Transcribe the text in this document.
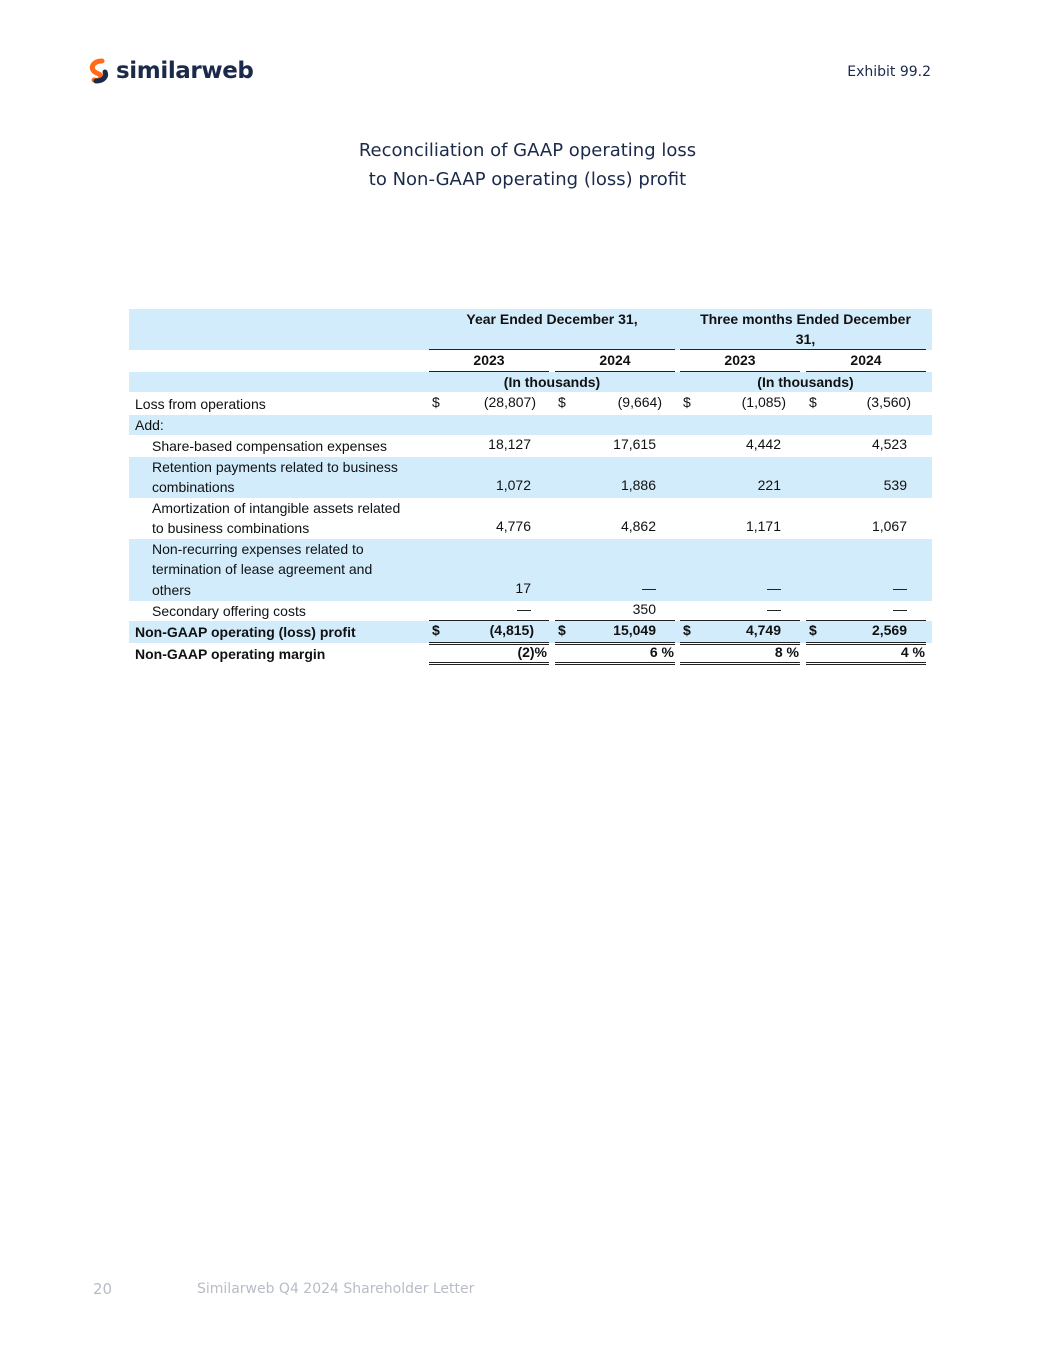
similarweb	Exhibit 99.2
Reconciliation of GAAP operating loss
to Non-GAAP operating (loss) profit
Year Ended December 31,	Three months Ended December
31,
2023	2024	2023	2024
(In thousands)	(In thousands)
Loss from operations	$	(28,807) $	(9,664) $	(1,085) $	(3,560)
Add:
Share-based compensation expenses	18,127	17,615	4,442	4,523
Retention payments related to business
combinations	1,072	1,886	221	539
Amortization of intangible assets related
to business combinations	4,776	4,862	1,171	1,067
Non-recurring expenses related to
termination of lease agreement and
others	17	—	—	—
Secondary offering costs	—	350	—	—
Non-GAAP operating (loss) profit	$	(4,815) $	15,049 $	4,749 $	2,569
Non-GAAP operating margin	(2)%	6 %	8 %	4 %
20	Similarweb Q4 2024 Shareholder Letter
